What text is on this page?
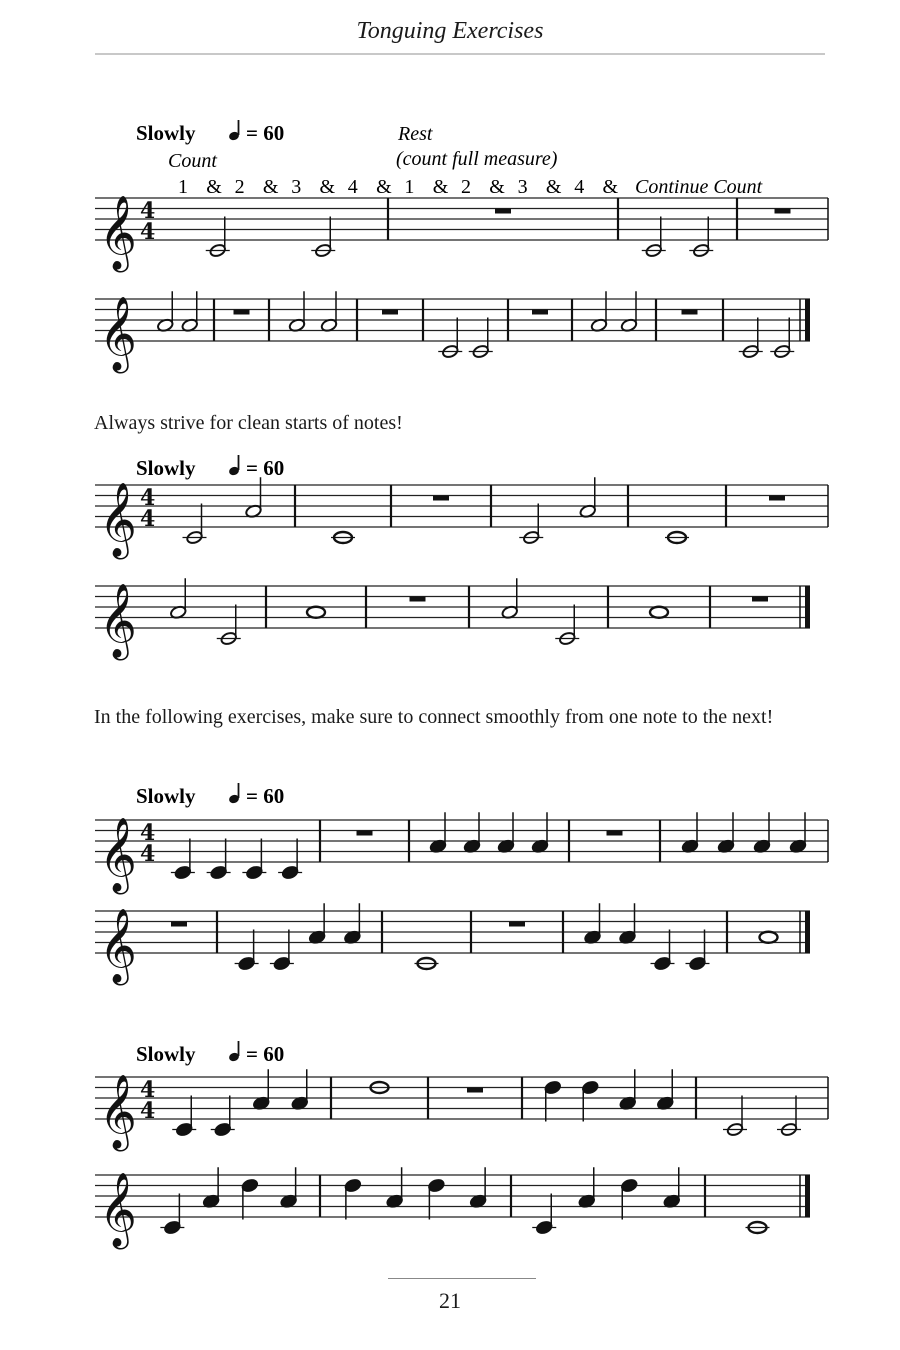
Tonguing Exercises
Slowly = 60
Slowly = 60
Slowly = 60
Slowly = 60
Count
1 & 2 & 3 & 4 & 1 & 2 & 3 & 4 &
Rest
(count full measure)
Continue Count
𝄞 4
4
𝄞
𝄞 4
4
𝄞
𝄞 4
4
𝄞
𝄞 4
4
𝄞
Always strive for clean starts of notes!
In the following exercises, make sure to connect smoothly from one note to the next!
21
